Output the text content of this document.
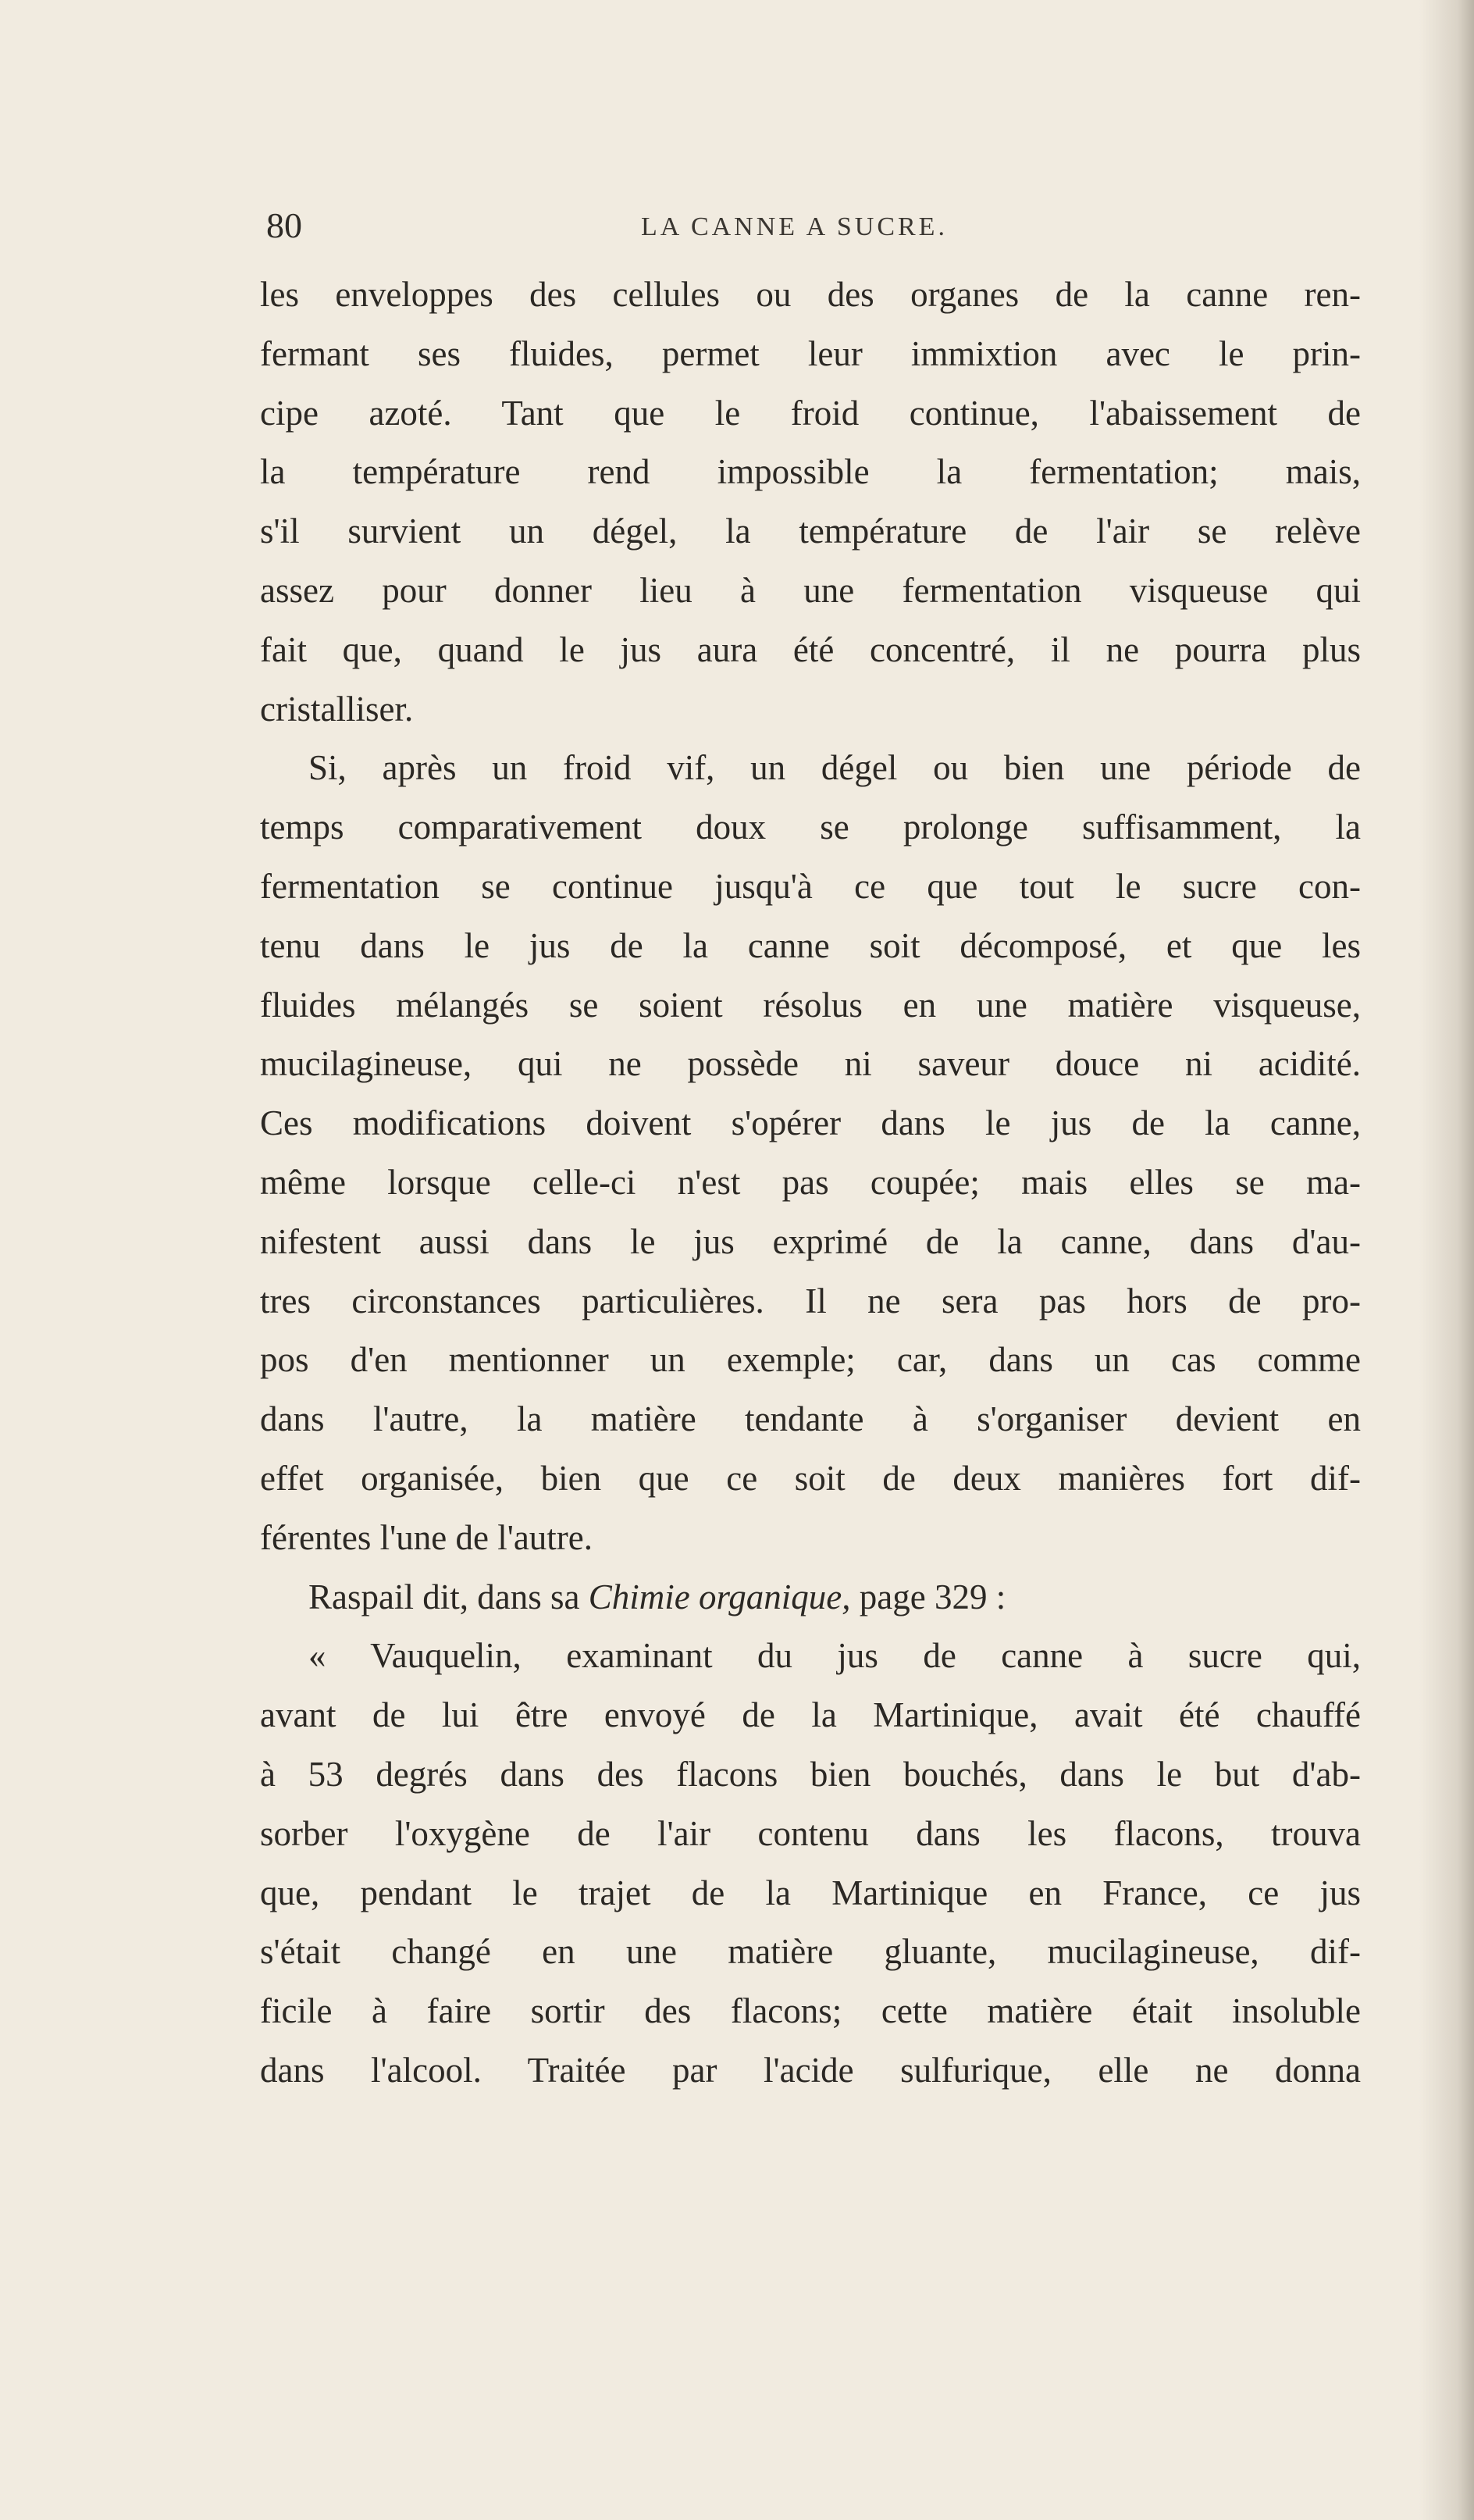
80	LA CANNE A SUCRE.
les enveloppes des cellules ou des organes de la canne ren-
fermant ses fluides, permet leur immixtion avec le prin-
cipe azoté. Tant que le froid continue, l'abaissement de
la température rend impossible la fermentation; mais,
s'il survient un dégel, la température de l'air se relève
assez pour donner lieu à une fermentation visqueuse qui
fait que, quand le jus aura été concentré, il ne pourra plus
cristalliser.
Si, après un froid vif, un dégel ou bien une période de
temps comparativement doux se prolonge suffisamment, la
fermentation se continue jusqu'à ce que tout le sucre con-
tenu dans le jus de la canne soit décomposé, et que les
fluides mélangés se soient résolus en une matière visqueuse,
mucilagineuse, qui ne possède ni saveur douce ni acidité.
Ces modifications doivent s'opérer dans le jus de la canne,
même lorsque celle-ci n'est pas coupée; mais elles se ma-
nifestent aussi dans le jus exprimé de la canne, dans d'au-
tres circonstances particulières. Il ne sera pas hors de pro-
pos d'en mentionner un exemple; car, dans un cas comme
dans l'autre, la matière tendante à s'organiser devient en
effet organisée, bien que ce soit de deux manières fort dif-
férentes l'une de l'autre.
Raspail dit, dans sa Chimie organique, page 329 :
« Vauquelin, examinant du jus de canne à sucre qui,
avant de lui être envoyé de la Martinique, avait été chauffé
à 53 degrés dans des flacons bien bouchés, dans le but d'ab-
sorber l'oxygène de l'air contenu dans les flacons, trouva
que, pendant le trajet de la Martinique en France, ce jus
s'était changé en une matière gluante, mucilagineuse, dif-
ficile à faire sortir des flacons; cette matière était insoluble
dans l'alcool. Traitée par l'acide sulfurique, elle ne donna
